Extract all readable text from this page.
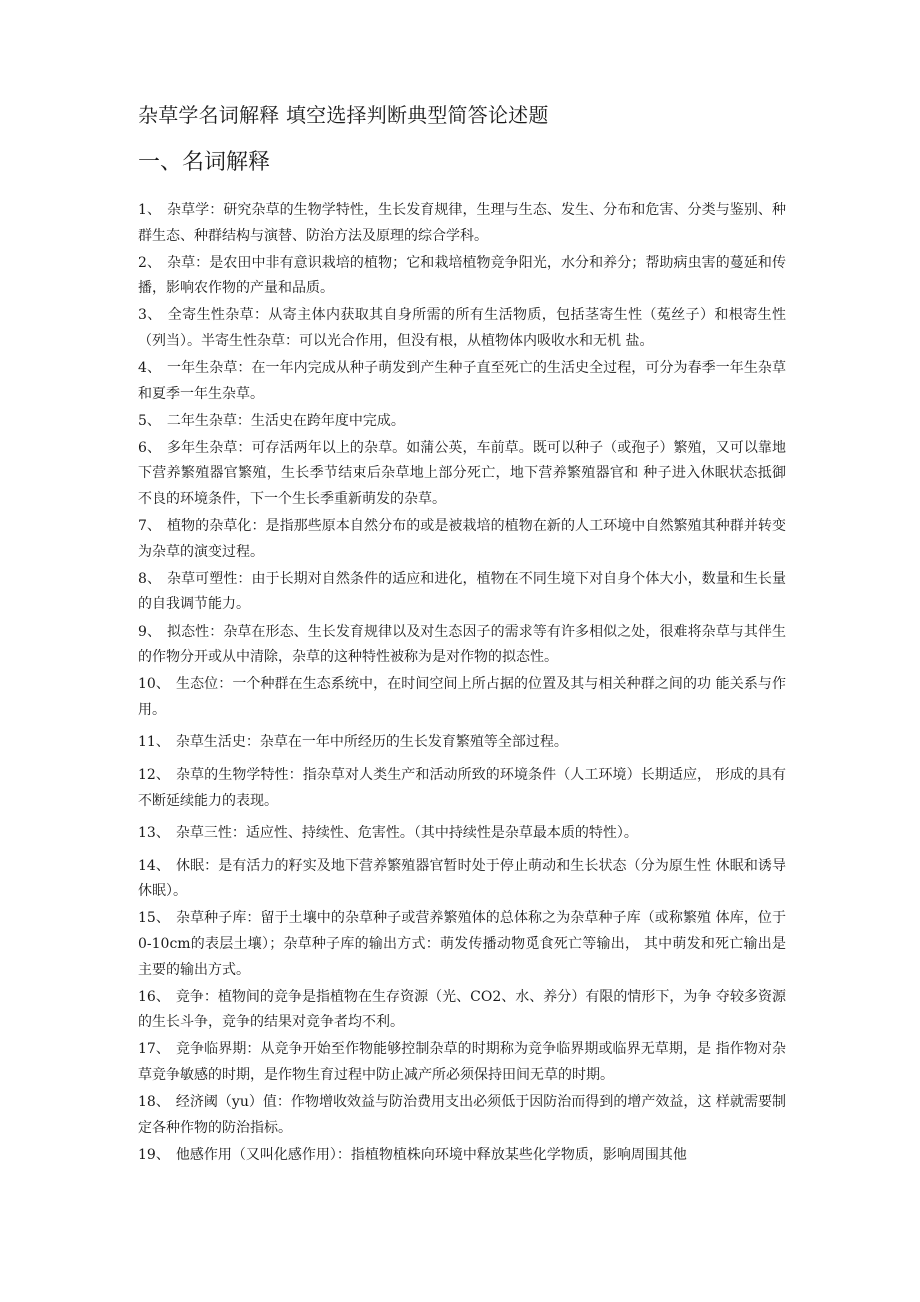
杂草学名词解释 填空选择判断典型简答论述题
一、名词解释
1、 杂草学：研究杂草的生物学特性，生长发育规律，生理与生态、发生、分布和危害、分类与鉴别、种群生态、种群结构与演替、防治方法及原理的综合学科。
2、 杂草：是农田中非有意识栽培的植物；它和栽培植物竞争阳光，水分和养分；帮助病虫害的蔓延和传播，影响农作物的产量和品质。
3、 全寄生性杂草：从寄主体内获取其自身所需的所有生活物质，包括茎寄生性（菟丝子）和根寄生性（列当）。半寄生性杂草：可以光合作用，但没有根，从植物体内吸收水和无机 盐。
4、 一年生杂草：在一年内完成从种子萌发到产生种子直至死亡的生活史全过程，可分为春季一年生杂草和夏季一年生杂草。
5、 二年生杂草：生活史在跨年度中完成。
6、 多年生杂草：可存活两年以上的杂草。如蒲公英，车前草。既可以种子（或孢子）繁殖，又可以靠地下营养繁殖器官繁殖，生长季节结束后杂草地上部分死亡，地下营养繁殖器官和 种子进入休眠状态抵御不良的环境条件，下一个生长季重新萌发的杂草。
7、 植物的杂草化：是指那些原本自然分布的或是被栽培的植物在新的人工环境中自然繁殖其种群并转变为杂草的演变过程。
8、 杂草可塑性：由于长期对自然条件的适应和进化，植物在不同生境下对自身个体大小，数量和生长量的自我调节能力。
9、 拟态性：杂草在形态、生长发育规律以及对生态因子的需求等有许多相似之处，很难将杂草与其伴生的作物分开或从中清除，杂草的这种特性被称为是对作物的拟态性。
10、 生态位：一个种群在生态系统中，在时间空间上所占据的位置及其与相关种群之间的功 能关系与作用。
11、 杂草生活史：杂草在一年中所经历的生长发育繁殖等全部过程。
12、 杂草的生物学特性：指杂草对人类生产和活动所致的环境条件（人工环境）长期适应， 形成的具有不断延续能力的表现。
13、 杂草三性：适应性、持续性、危害性。（其中持续性是杂草最本质的特性）。
14、 休眠：是有活力的籽实及地下营养繁殖器官暂时处于停止萌动和生长状态（分为原生性 休眠和诱导休眠）。
15、 杂草种子库：留于土壤中的杂草种子或营养繁殖体的总体称之为杂草种子库（或称繁殖 体库，位于0-10cm的表层土壤）；杂草种子库的输出方式：萌发传播动物觅食死亡等输出， 其中萌发和死亡输出是主要的输出方式。
16、 竞争：植物间的竞争是指植物在生存资源（光、CO2、水、养分）有限的情形下，为争 夺较多资源的生长斗争，竞争的结果对竞争者均不利。
17、 竞争临界期：从竞争开始至作物能够控制杂草的时期称为竞争临界期或临界无草期，是 指作物对杂草竞争敏感的时期，是作物生育过程中防止减产所必须保持田间无草的时期。
18、 经济阈（yu）值：作物增收效益与防治费用支出必须低于因防治而得到的增产效益，这 样就需要制定各种作物的防治指标。
19、 他感作用（又叫化感作用）：指植物植株向环境中释放某些化学物质，影响周围其他
